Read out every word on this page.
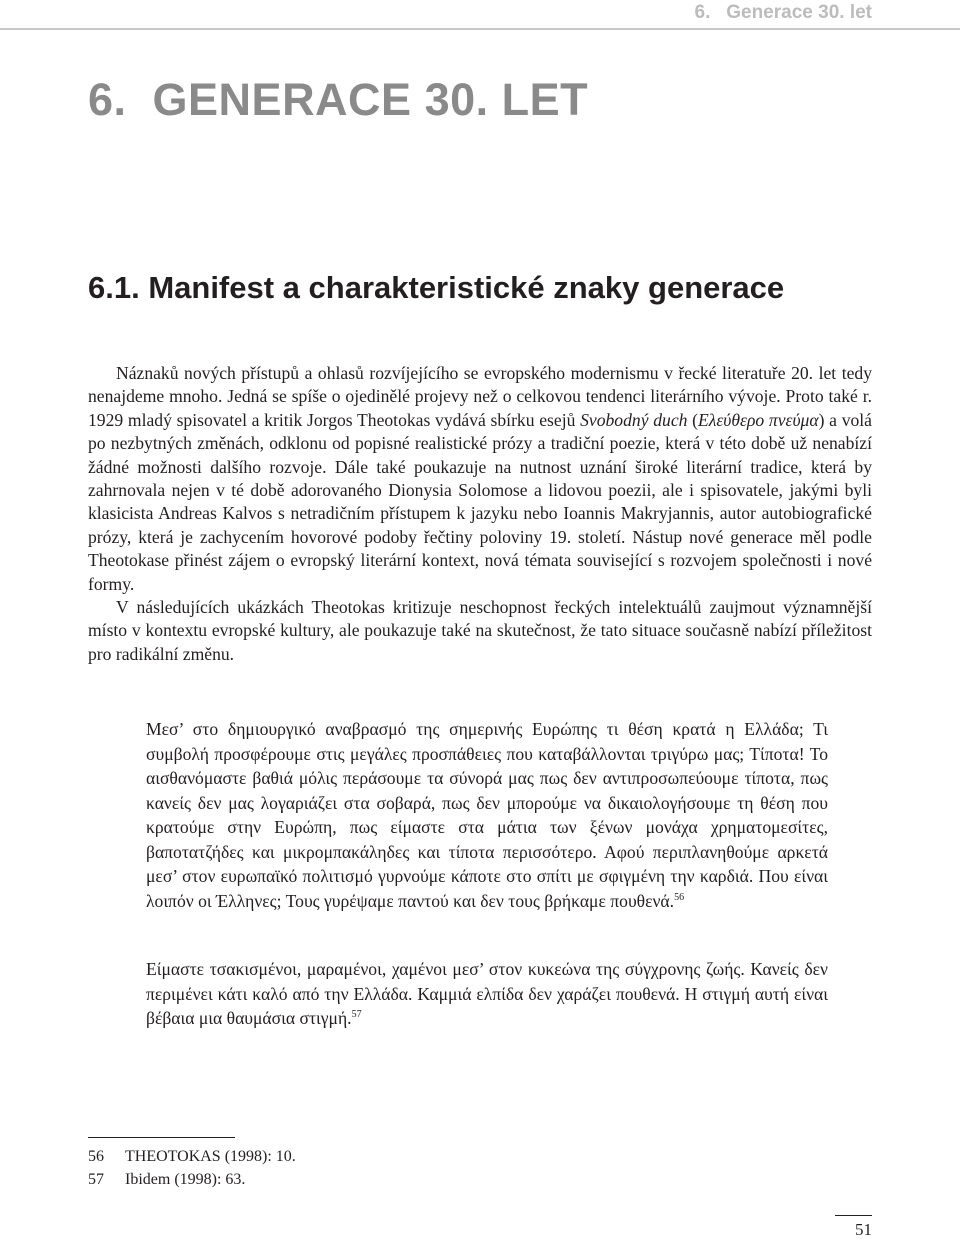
6.   Generace 30. let
6.  GENERACE 30. LET
6.1. Manifest a charakteristické znaky generace

Náznaků nových přístupů a ohlasů rozvíjejícího se evropského modernismu v řecké literatuře 20. let tedy nenajdeme mnoho. Jedná se spíše o ojedinělé projevy než o celkovou tendenci literárního vývoje. Proto také r. 1929 mladý spisovatel a kritik Jorgos Theotokas vydává sbírku esejů Svobodný duch (Ελεύθερο πνεύμα) a volá po nezbytných změnách, odklonu od popisné realistické prózy a tradiční poezie, která v této době už nenabízí žádné možnosti dalšího rozvoje. Dále také poukazuje na nutnost uznání široké literární tradice, která by zahrnovala nejen v té době adorovaného Dionysia Solomose a lidovou poezii, ale i spisovatele, jakými byli klasicista Andreas Kalvos s netradičním přístupem k jazyku nebo Ioannis Makryjannis, autor autobiografické prózy, která je zachycením hovorové podoby řečtiny poloviny 19. století. Nástup nové generace měl podle Theotokase přinést zájem o evropský literární kontext, nová témata související s rozvojem společnosti i nové formy.

V následujících ukázkách Theotokas kritizuje neschopnost řeckých intelektuálů zaujmout významnější místo v kontextu evropské kultury, ale poukazuje také na skutečnost, že tato situace současně nabízí příležitost pro radikální změnu.

Μεσ’ στο δημιουργικό αναβρασμό της σημερινής Ευρώπης τι θέση κρατά η Ελλάδα; Τι συμβολή προσφέρουμε στις μεγάλες προσπάθειες που καταβάλλονται τριγύρω μας; Τίποτα! Το αισθανόμαστε βαθιά μόλις περάσουμε τα σύνορά μας πως δεν αντιπροσωπεύουμε τίποτα, πως κανείς δεν μας λογαριάζει στα σοβαρά, πως δεν μπορούμε να δικαιολογήσουμε τη θέση που κρατούμε στην Ευρώπη, πως είμαστε στα μάτια των ξένων μονάχα χρηματομεσίτες, βαποτατζήδες και μικρομπακάληδες και τίποτα περισσότερο. Αφού περιπλανηθούμε αρκετά μεσ’ στον ευρωπαϊκό πολιτισμό γυρνούμε κάποτε στο σπίτι με σφιγμένη την καρδιά. Που είναι λοιπόν οι Έλληνες; Τους γυρέψαμε παντού και δεν τους βρήκαμε πουθενά.$^{56}$

Είμαστε τσακισμένοι, μαραμένοι, χαμένοι μεσ’ στον κυκεώνα της σύγχρονης ζωής. Κανείς δεν περιμένει κάτι καλό από την Ελλάδα. Καμμιά ελπίδα δεν χαράζει πουθενά. Η στιγμή αυτή είναι βέβαια μια θαυμάσια στιγμή.$^{57}$

56 THEOTOKAS (1998): 10.
57 Ibidem (1998): 63.
51
